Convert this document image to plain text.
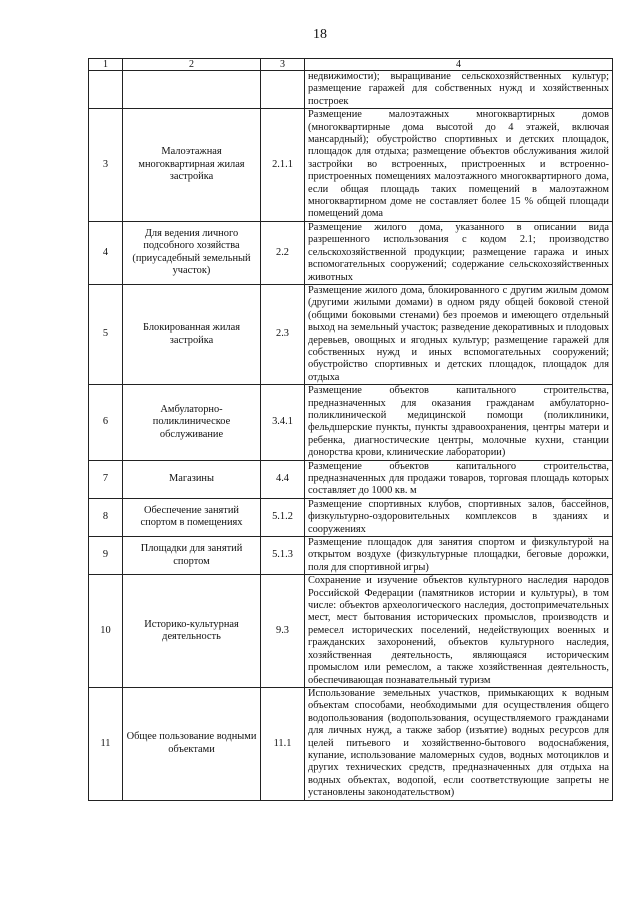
18
1	2	3	4
			недвижимости); выращивание сельскохозяйственных культур; размещение гаражей для собственных нужд и хозяйственных построек
3	Малоэтажная многоквартирная жилая застройка	2.1.1	Размещение малоэтажных многоквартирных домов (многоквартирные дома высотой до 4 этажей, включая мансардный); обустройство спортивных и детских площадок, площадок для отдыха; размещение объектов обслуживания жилой застройки во встроенных, пристроенных и встроенно-пристроенных помещениях малоэтажного многоквартирного дома, если общая площадь таких помещений в малоэтажном многоквартирном доме не составляет более 15 % общей площади помещений дома
4	Для ведения личного подсобного хозяйства (приусадебный земельный участок)	2.2	Размещение жилого дома, указанного в описании вида разрешенного использования с кодом 2.1; производство сельскохозяйственной продукции; размещение гаража и иных вспомогательных сооружений; содержание сельскохозяйственных животных
5	Блокированная жилая застройка	2.3	Размещение жилого дома, блокированного с другим жилым домом (другими жилыми домами) в одном ряду общей боковой стеной (общими боковыми стенами) без проемов и имеющего отдельный выход на земельный участок; разведение декоративных и плодовых деревьев, овощных и ягодных культур; размещение гаражей для собственных нужд и иных вспомогательных сооружений; обустройство спортивных и детских площадок, площадок для отдыха
6	Амбулаторно-поликлиническое обслуживание	3.4.1	Размещение объектов капитального строительства, предназначенных для оказания гражданам амбулаторно-поликлинической медицинской помощи (поликлиники, фельдшерские пункты, пункты здравоохранения, центры матери и ребенка, диагностические центры, молочные кухни, станции донорства крови, клинические лаборатории)
7	Магазины	4.4	Размещение объектов капитального строительства, предназначенных для продажи товаров, торговая площадь которых составляет до 1000 кв. м
8	Обеспечение занятий спортом в помещениях	5.1.2	Размещение спортивных клубов, спортивных залов, бассейнов, физкультурно-оздоровительных комплексов в зданиях и сооружениях
9	Площадки для занятий спортом	5.1.3	Размещение площадок для занятия спортом и физкультурой на открытом воздухе (физкультурные площадки, беговые дорожки, поля для спортивной игры)
10	Историко-культурная деятельность	9.3	Сохранение и изучение объектов культурного наследия народов Российской Федерации (памятников истории и культуры), в том числе: объектов археологического наследия, достопримечательных мест, мест бытования исторических промыслов, производств и ремесел исторических поселений, недействующих военных и гражданских захоронений, объектов культурного наследия, хозяйственная деятельность, являющаяся историческим промыслом или ремеслом, а также хозяйственная деятельность, обеспечивающая познавательный туризм
11	Общее пользование водными объектами	11.1	Использование земельных участков, примыкающих к водным объектам способами, необходимыми для осуществления общего водопользования (водопользования, осуществляемого гражданами для личных нужд, а также забор (изъятие) водных ресурсов для целей питьевого и хозяйственно-бытового водоснабжения, купание, использование маломерных судов, водных мотоциклов и других технических средств, предназначенных для отдыха на водных объектах, водопой, если соответствующие запреты не установлены законодательством)
